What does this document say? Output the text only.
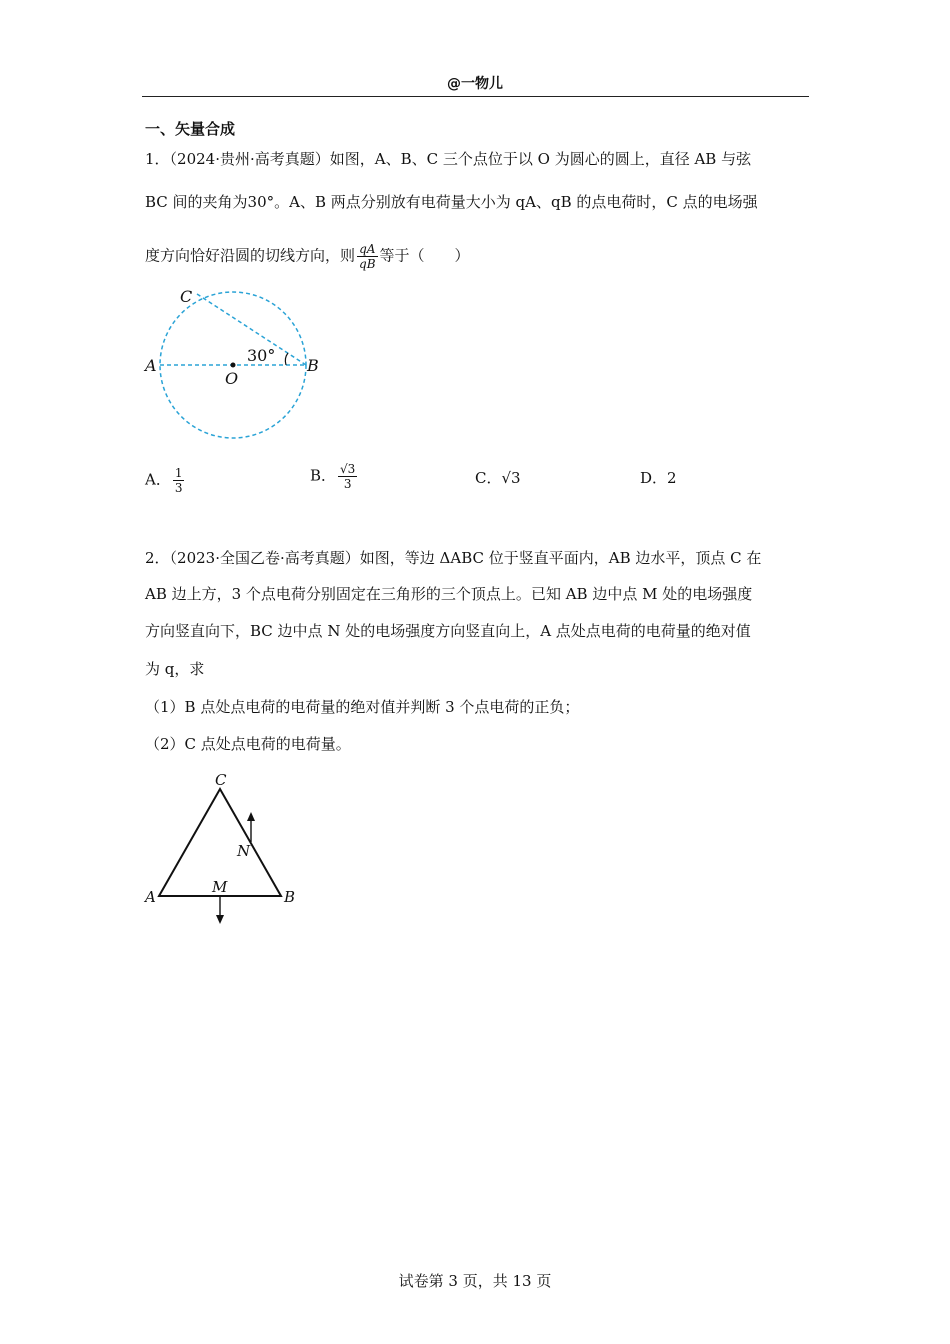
@一物儿
一、矢量合成
1．（2024·贵州·高考真题）如图，A、B、C 三个点位于以 O 为圆心的圆上，直径 AB 与弦
BC 间的夹角为30°。A、B 两点分别放有电荷量大小为 qA、qB 的点电荷时，C 点的电场强
度方向恰好沿圆的切线方向，则 $\frac{qA}{qB}$ 等于（　　）
C
A
O
B
30°
A． $\frac{1}{3}$	B． $\frac{√3}{3}$	C．√3	D．2
2．（2023·全国乙卷·高考真题）如图，等边 ΔABC 位于竖直平面内，AB 边水平，顶点 C 在
AB 边上方，3 个点电荷分别固定在三角形的三个顶点上。已知 AB 边中点 M 处的电场强度
方向竖直向下，BC 边中点 N 处的电场强度方向竖直向上，A 点处点电荷的电荷量的绝对值
为 q，求
（1）B 点处点电荷的电荷量的绝对值并判断 3 个点电荷的正负；
（2）C 点处点电荷的电荷量。
C
N
M
A	B
试卷第 3 页，共 13 页
